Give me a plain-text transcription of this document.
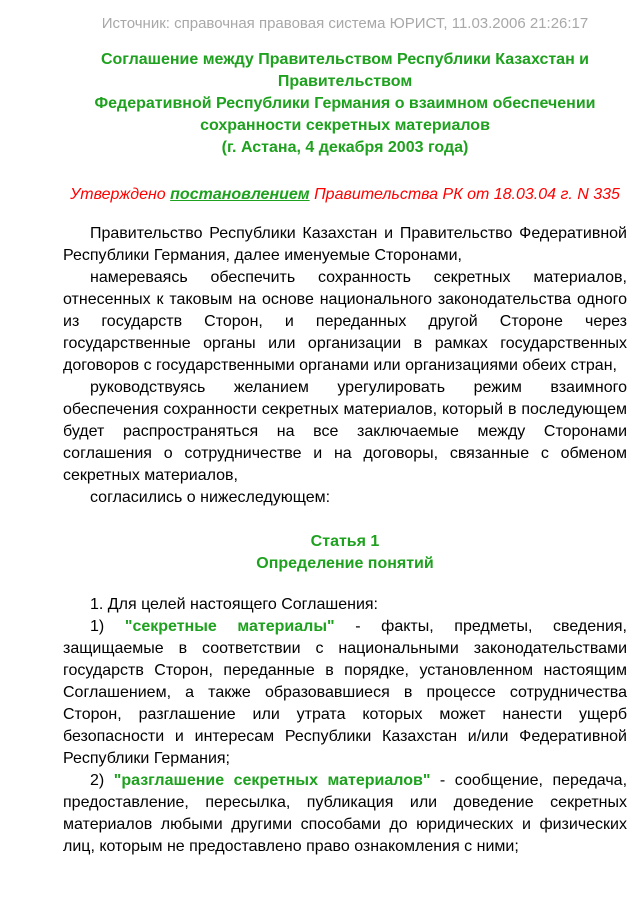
Источник: справочная правовая система ЮРИСТ, 11.03.2006 21:26:17
Соглашение между Правительством Республики Казахстан и
Правительством
Федеративной Республики Германия о взаимном обеспечении
сохранности секретных материалов
(г. Астана, 4 декабря 2003 года)
Утверждено постановлением Правительства РК от 18.03.04 г. N 335

Правительство Республики Казахстан и Правительство Федеративной Республики Германия, далее именуемые Сторонами,

намереваясь обеспечить сохранность секретных материалов, отнесенных к таковым на основе национального законодательства одного из государств Сторон, и переданных другой Стороне через государственные органы или организации в рамках государственных договоров с государственными органами или организациями обеих стран,

руководствуясь желанием урегулировать режим взаимного обеспечения сохранности секретных материалов, который в последующем будет распространяться на все заключаемые между Сторонами соглашения о сотрудничестве и на договоры, связанные с обменом секретных материалов,

согласились о нижеследующем:

Статья 1
Определение понятий

1. Для целей настоящего Соглашения:

1) "секретные материалы" - факты, предметы, сведения, защищаемые в соответствии с национальными законодательствами государств Сторон, переданные в порядке, установленном настоящим Соглашением, а также образовавшиеся в процессе сотрудничества Сторон, разглашение или утрата которых может нанести ущерб безопасности и интересам Республики Казахстан и/или Федеративной Республики Германия;

2) "разглашение секретных материалов" - сообщение, передача, предоставление, пересылка, публикация или доведение секретных материалов любыми другими способами до юридических и физических лиц, которым не предоставлено право ознакомления с ними;
